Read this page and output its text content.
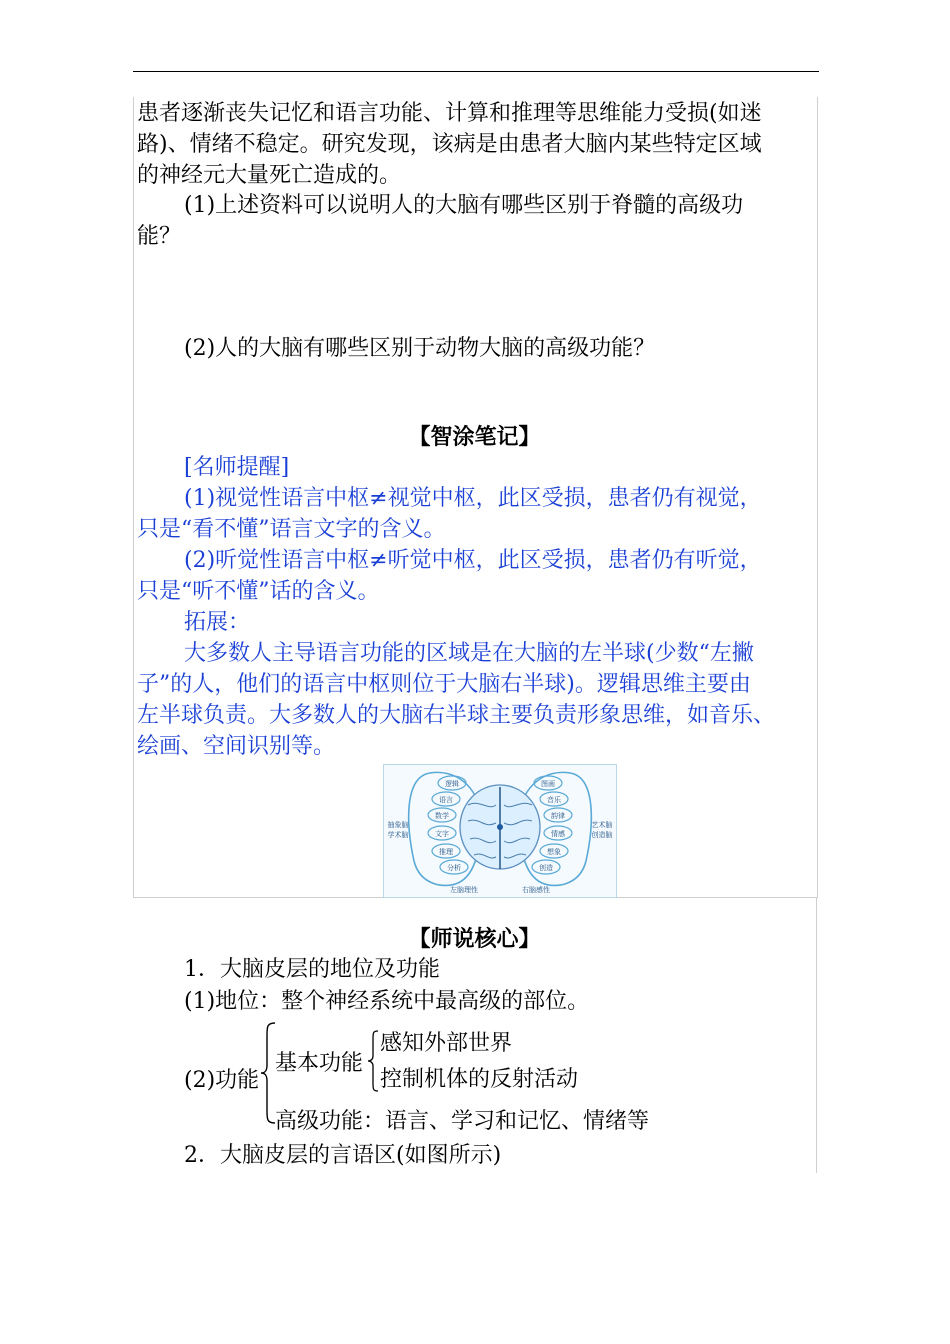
患者逐渐丧失记忆和语言功能、计算和推理等思维能力受损(如迷
路)、情绪不稳定。研究发现，该病是由患者大脑内某些特定区域
的神经元大量死亡造成的。
(1)上述资料可以说明人的大脑有哪些区别于脊髓的高级功
能？
(2)人的大脑有哪些区别于动物大脑的高级功能？
【智涂笔记】
[名师提醒]
(1)视觉性语言中枢≠视觉中枢，此区受损，患者仍有视觉，
只是“看不懂”语言文字的含义。
(2)听觉性语言中枢≠听觉中枢，此区受损，患者仍有听觉，
只是“听不懂”话的含义。
拓展：
大多数人主导语言功能的区域是在大脑的左半球(少数“左撇
子”的人，他们的语言中枢则位于大脑右半球)。逻辑思维主要由
左半球负责。大多数人的大脑右半球主要负责形象思维，如音乐、
绘画、空间识别等。
逻辑
语言
数学
文字
推理
分析
图画
音乐
韵律
情感
想象
创造
抽象脑
学术脑
艺术脑
创造脑
左脑理性	右脑感性
【师说核心】
1．大脑皮层的地位及功能
(1)地位：整个神经系统中最高级的部位。
(2)功能
基本功能
感知外部世界
控制机体的反射活动
高级功能：语言、学习和记忆、情绪等
2．大脑皮层的言语区(如图所示)
